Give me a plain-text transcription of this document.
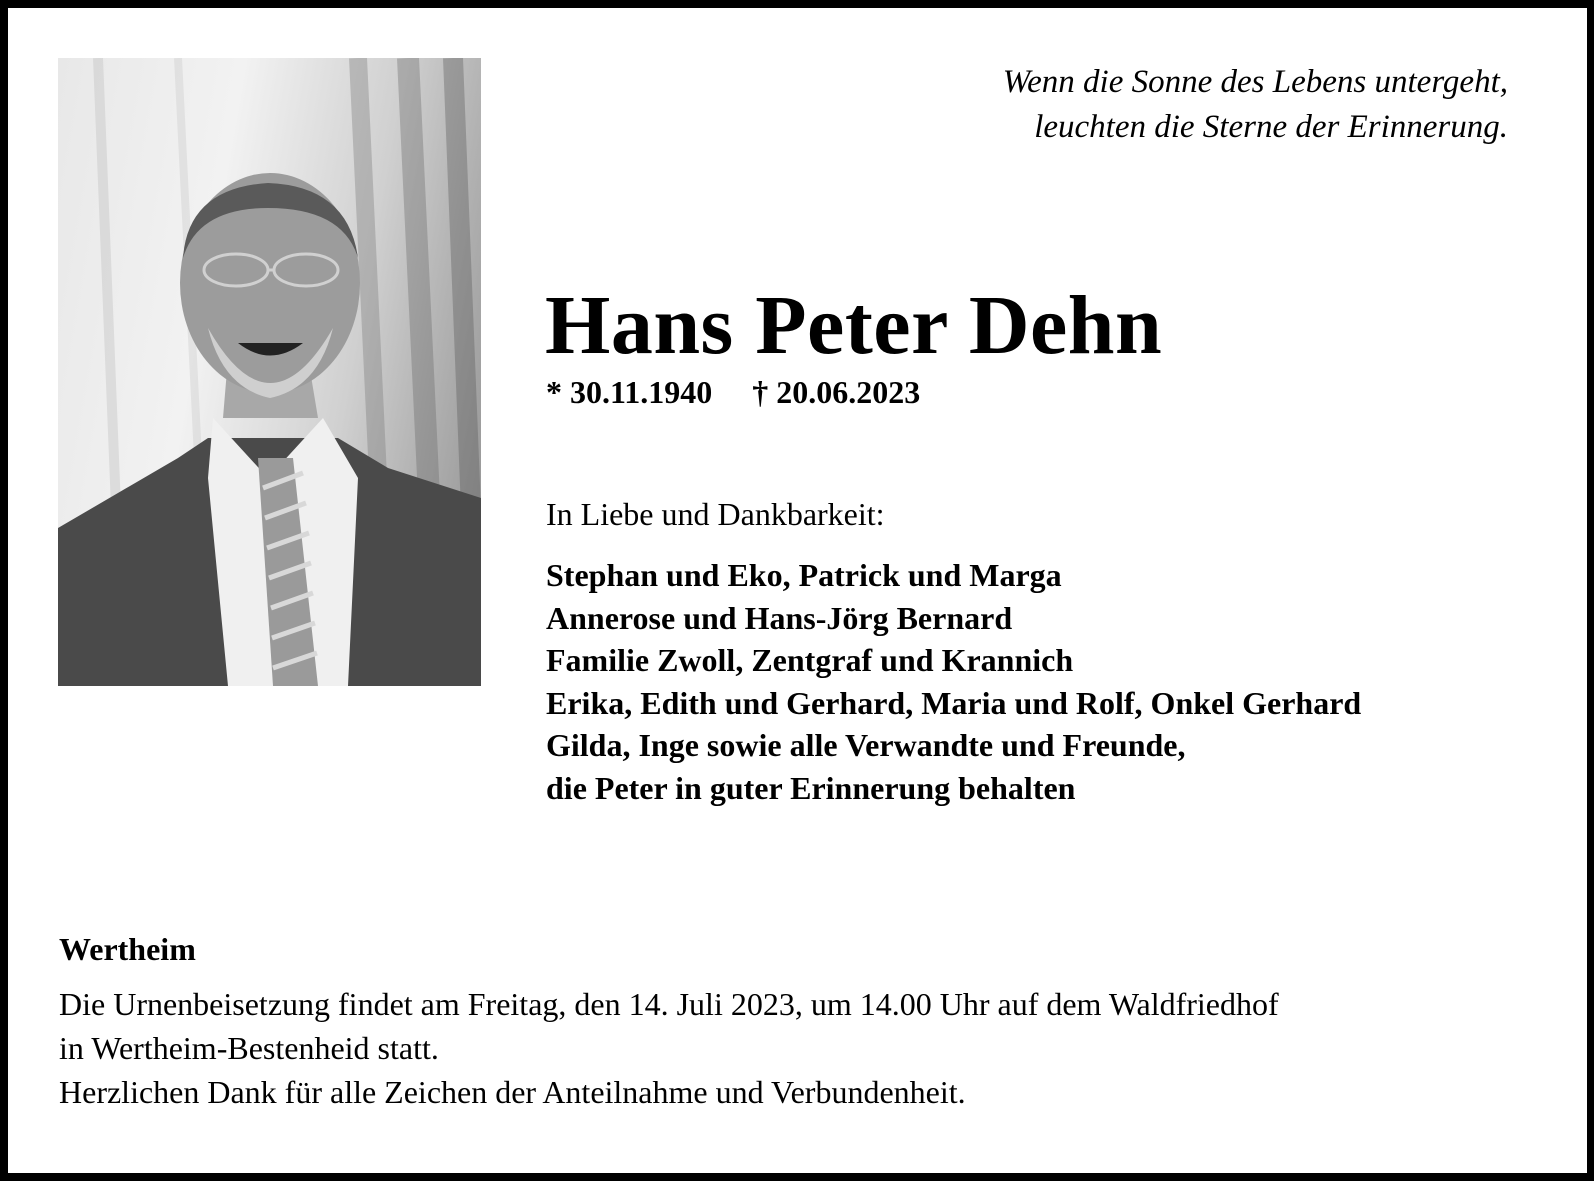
Wenn die Sonne des Lebens untergeht,
leuchten die Sterne der Erinnerung.
Hans Peter Dehn
* 30.11.1940 † 20.06.2023
In Liebe und Dankbarkeit:
Stephan und Eko, Patrick und Marga
Annerose und Hans-Jörg Bernard
Familie Zwoll, Zentgraf und Krannich
Erika, Edith und Gerhard, Maria und Rolf, Onkel Gerhard
Gilda, Inge sowie alle Verwandte und Freunde,
die Peter in guter Erinnerung behalten
Wertheim
Die Urnenbeisetzung findet am Freitag, den 14. Juli 2023, um 14.00 Uhr auf dem Waldfriedhof
in Wertheim-Bestenheid statt.
Herzlichen Dank für alle Zeichen der Anteilnahme und Verbundenheit.
